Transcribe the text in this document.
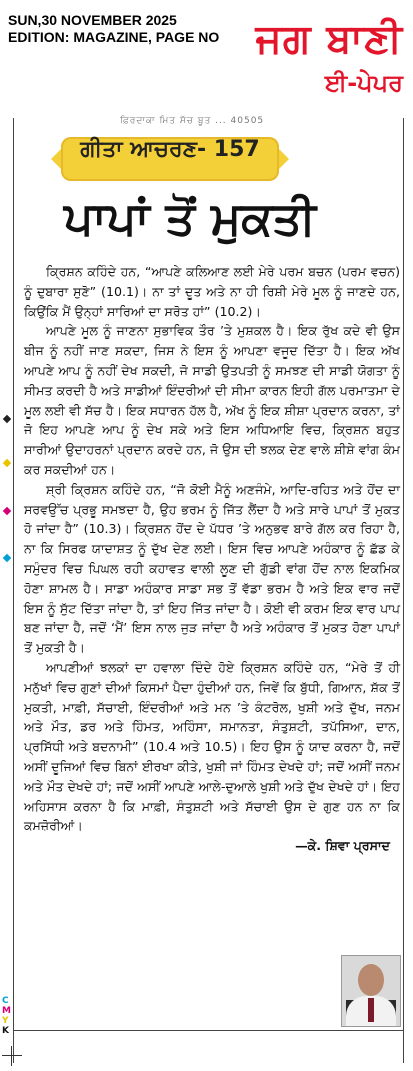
SUN,30 NOVEMBER 2025
EDITION: MAGAZINE, PAGE NO ਜਗ ਬਾਣੀ
ਈ-ਪੇਪਰ
ਫ਼ਿਰਦਾਕਾ ਮਿਤ ਸੱਚ ਬੂਤ ... 40505
ਗੀਤਾ ਆਚਰਣ- 157
ਪਾਪਾਂ ਤੋਂ ਮੁਕਤੀ

ਕ੍ਰਿਸ਼ਨ ਕਹਿੰਦੇ ਹਨ, “ਆਪਣੇ ਕਲਿਆਣ ਲਈ ਮੇਰੇ ਪਰਮ ਬਚਨ (ਪਰਮ ਵਚਨ) ਨੂੰ ਦੁਬਾਰਾ ਸੁਣੋ” (10.1)। ਨਾ ਤਾਂ ਦੂਤ ਅਤੇ ਨਾ ਹੀ ਰਿਸ਼ੀ ਮੇਰੇ ਮੂਲ ਨੂੰ ਜਾਣਦੇ ਹਨ, ਕਿਉਂਕਿ ਮੈਂ ਉਨ੍ਹਾਂ ਸਾਰਿਆਂ ਦਾ ਸਰੋਤ ਹਾਂ” (10.2)।

ਆਪਣੇ ਮੂਲ ਨੂੰ ਜਾਣਨਾ ਸੁਭਾਵਿਕ ਤੌਰ ’ਤੇ ਮੁਸ਼ਕਲ ਹੈ। ਇਕ ਰੁੱਖ ਕਦੇ ਵੀ ਉਸ ਬੀਜ ਨੂੰ ਨਹੀਂ ਜਾਣ ਸਕਦਾ, ਜਿਸ ਨੇ ਇਸ ਨੂੰ ਆਪਣਾ ਵਜੂਦ ਦਿੱਤਾ ਹੈ। ਇਕ ਅੱਖ ਆਪਣੇ ਆਪ ਨੂੰ ਨਹੀਂ ਦੇਖ ਸਕਦੀ, ਜੋ ਸਾਡੀ ਉਤਪਤੀ ਨੂੰ ਸਮਝਣ ਦੀ ਸਾਡੀ ਯੋਗਤਾ ਨੂੰ ਸੀਮਤ ਕਰਦੀ ਹੈ ਅਤੇ ਸਾਡੀਆਂ ਇੰਦਰੀਆਂ ਦੀ ਸੀਮਾ ਕਾਰਨ ਇਹੀ ਗੱਲ ਪਰਮਾਤਮਾ ਦੇ ਮੂਲ ਲਈ ਵੀ ਸੱਚ ਹੈ। ਇਕ ਸਧਾਰਨ ਹੱਲ ਹੈ, ਅੱਖ ਨੂੰ ਇਕ ਸ਼ੀਸ਼ਾ ਪ੍ਰਦਾਨ ਕਰਨਾ, ਤਾਂ ਜੋ ਇਹ ਆਪਣੇ ਆਪ ਨੂੰ ਦੇਖ ਸਕੇ ਅਤੇ ਇਸ ਅਧਿਆਇ ਵਿਚ, ਕ੍ਰਿਸ਼ਨ ਬਹੁਤ ਸਾਰੀਆਂ ਉਦਾਹਰਨਾਂ ਪ੍ਰਦਾਨ ਕਰਦੇ ਹਨ, ਜੋ ਉਸ ਦੀ ਝਲਕ ਦੇਣ ਵਾਲੇ ਸ਼ੀਸ਼ੇ ਵਾਂਗ ਕੰਮ ਕਰ ਸਕਦੀਆਂ ਹਨ।

ਸ਼੍ਰੀ ਕ੍ਰਿਸ਼ਨ ਕਹਿੰਦੇ ਹਨ, “ਜੋ ਕੋਈ ਮੈਨੂੰ ਅਣਜੰਮੇ, ਆਦਿ-ਰਹਿਤ ਅਤੇ ਹੋਂਦ ਦਾ ਸਰਵਉੱਚ ਪ੍ਰਭੂ ਸਮਝਦਾ ਹੈ, ਉਹ ਭਰਮ ਨੂੰ ਜਿੱਤ ਲੈਂਦਾ ਹੈ ਅਤੇ ਸਾਰੇ ਪਾਪਾਂ ਤੋਂ ਮੁਕਤ ਹੋ ਜਾਂਦਾ ਹੈ” (10.3)। ਕ੍ਰਿਸ਼ਨ ਹੋਂਦ ਦੇ ਪੱਧਰ ’ਤੇ ਅਨੁਭਵ ਬਾਰੇ ਗੱਲ ਕਰ ਰਿਹਾ ਹੈ, ਨਾ ਕਿ ਸਿਰਫ ਯਾਦਾਸ਼ਤ ਨੂੰ ਦੁੱਖ ਦੇਣ ਲਈ। ਇਸ ਵਿਚ ਆਪਣੇ ਅਹੰਕਾਰ ਨੂੰ ਛੱਡ ਕੇ ਸਮੁੰਦਰ ਵਿਚ ਪਿਘਲ ਰਹੀ ਕਹਾਵਤ ਵਾਲੀ ਲੂਣ ਦੀ ਗੁੱਡੀ ਵਾਂਗ ਹੋਂਦ ਨਾਲ ਇਕਮਿਕ ਹੋਣਾ ਸ਼ਾਮਲ ਹੈ। ਸਾਡਾ ਅਹੰਕਾਰ ਸਾਡਾ ਸਭ ਤੋਂ ਵੱਡਾ ਭਰਮ ਹੈ ਅਤੇ ਇਕ ਵਾਰ ਜਦੋਂ ਇਸ ਨੂੰ ਸੁੱਟ ਦਿੱਤਾ ਜਾਂਦਾ ਹੈ, ਤਾਂ ਇਹ ਜਿੱਤ ਜਾਂਦਾ ਹੈ। ਕੋਈ ਵੀ ਕਰਮ ਇਕ ਵਾਰ ਪਾਪ ਬਣ ਜਾਂਦਾ ਹੈ, ਜਦੋਂ ‘ਮੈਂ’ ਇਸ ਨਾਲ ਜੁੜ ਜਾਂਦਾ ਹੈ ਅਤੇ ਅਹੰਕਾਰ ਤੋਂ ਮੁਕਤ ਹੋਣਾ ਪਾਪਾਂ ਤੋਂ ਮੁਕਤੀ ਹੈ।

ਆਪਣੀਆਂ ਝਲਕਾਂ ਦਾ ਹਵਾਲਾ ਦਿੰਦੇ ਹੋਏ ਕ੍ਰਿਸ਼ਨ ਕਹਿੰਦੇ ਹਨ, “ਮੇਰੇ ਤੋਂ ਹੀ ਮਨੁੱਖਾਂ ਵਿਚ ਗੁਣਾਂ ਦੀਆਂ ਕਿਸਮਾਂ ਪੈਦਾ ਹੁੰਦੀਆਂ ਹਨ, ਜਿਵੇਂ ਕਿ ਬੁੱਧੀ, ਗਿਆਨ, ਸ਼ੱਕ ਤੋਂ ਮੁਕਤੀ, ਮਾਫ਼ੀ, ਸੱਚਾਈ, ਇੰਦਰੀਆਂ ਅਤੇ ਮਨ ’ਤੇ ਕੰਟਰੋਲ, ਖੁਸ਼ੀ ਅਤੇ ਦੁੱਖ, ਜਨਮ ਅਤੇ ਮੌਤ, ਡਰ ਅਤੇ ਹਿੰਮਤ, ਅਹਿੰਸਾ, ਸਮਾਨਤਾ, ਸੰਤੁਸ਼ਟੀ, ਤਪੱਸਿਆ, ਦਾਨ, ਪ੍ਰਸਿੱਧੀ ਅਤੇ ਬਦਨਾਮੀ” (10.4 ਅਤੇ 10.5)। ਇਹ ਉਸ ਨੂੰ ਯਾਦ ਕਰਨਾ ਹੈ, ਜਦੋਂ ਅਸੀਂ ਦੂਜਿਆਂ ਵਿਚ ਬਿਨਾਂ ਈਰਖਾ ਕੀਤੇ, ਖੁਸ਼ੀ ਜਾਂ ਹਿੰਮਤ ਦੇਖਦੇ ਹਾਂ; ਜਦੋਂ ਅਸੀਂ ਜਨਮ ਅਤੇ ਮੌਤ ਦੇਖਦੇ ਹਾਂ; ਜਦੋਂ ਅਸੀਂ ਆਪਣੇ ਆਲੇ-ਦੁਆਲੇ ਖੁਸ਼ੀ ਅਤੇ ਦੁੱਖ ਦੇਖਦੇ ਹਾਂ। ਇਹ ਅਹਿਸਾਸ ਕਰਨਾ ਹੈ ਕਿ ਮਾਫ਼ੀ, ਸੰਤੁਸ਼ਟੀ ਅਤੇ ਸੱਚਾਈ ਉਸ ਦੇ ਗੁਣ ਹਨ ਨਾ ਕਿ ਕਮਜ਼ੋਰੀਆਂ।

—ਕੇ. ਸ਼ਿਵਾ ਪ੍ਰਸਾਦ
C
M
Y
K
